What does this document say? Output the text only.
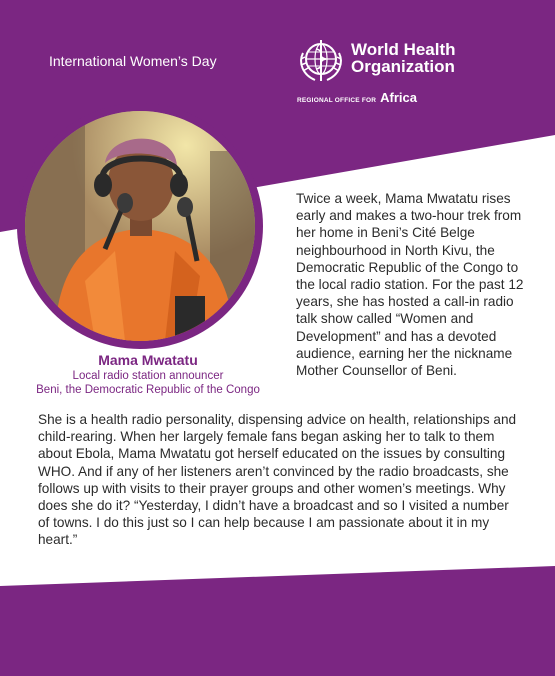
International Women’s Day
World Health
Organization
REGIONAL OFFICE FOR Africa
Mama Mwatatu
Local radio station announcer
Beni, the Democratic Republic of the Congo
Twice a week, Mama Mwatatu rises early and makes a two-hour trek from her home in Beni’s Cité Belge neighbourhood in North Kivu, the Democratic Republic of the Congo to the local radio station. For the past 12 years, she has hosted a call-in radio talk show called “Women and Development” and has a devoted audience, earning her the nickname Mother Counsellor of Beni.
She is a health radio personality, dispensing advice on health, relationships and child-rearing. When her largely female fans began asking her to talk to them about Ebola, Mama Mwatatu got herself educated on the issues by consulting WHO. And if any of her listeners aren’t convinced by the radio broadcasts, she follows up with visits to their prayer groups and other women’s meetings. Why does she do it? “Yesterday, I didn’t have a broadcast and so I visited a number of towns. I do this just so I can help because I am passionate about it in my heart.”
